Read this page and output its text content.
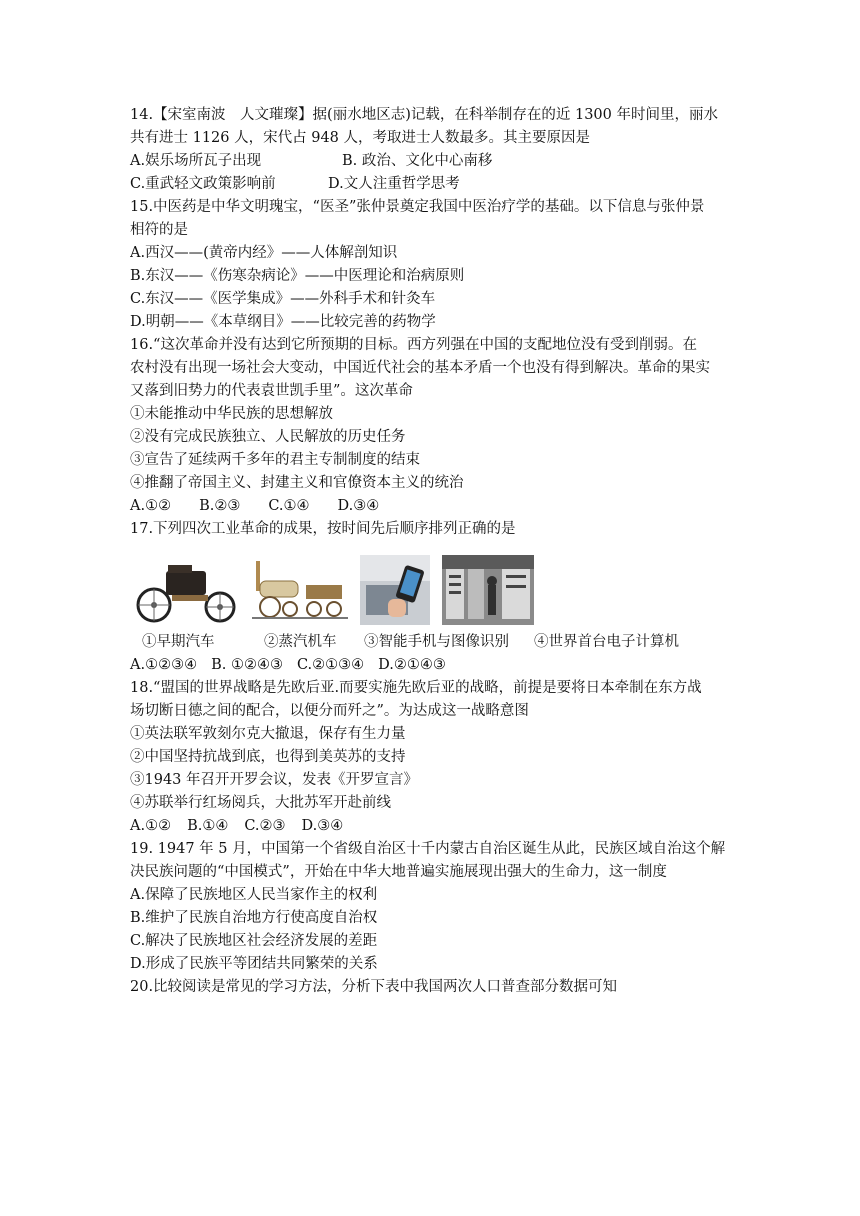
14.【宋室南波　人文璀璨】据(丽水地区志)记载，在科举制存在的近 1300 年时间里，丽水
共有进士 1126 人，宋代占 948 人，考取进士人数最多。其主要原因是
A.娱乐场所瓦子出现	B. 政治、文化中心南移
C.重武轻文政策影响前	D.文人注重哲学思考
15.中医药是中华文明瑰宝，“医圣”张仲景奠定我国中医治疗学的基础。以下信息与张仲景
相符的是
A.西汉——(黄帝内经》——人体解剖知识
B.东汉——《伤寒杂病论》——中医理论和治病原则
C.东汉——《医学集成》——外科手术和针灸车
D.明朝——《本草纲目》——比较完善的药物学
16.“这次革命并没有达到它所预期的目标。西方列强在中国的支配地位没有受到削弱。在
农村没有出现一场社会大变动，中国近代社会的基本矛盾一个也没有得到解决。革命的果实
又落到旧势力的代表袁世凯手里”。这次革命
①未能推动中华民族的思想解放
②没有完成民族独立、人民解放的历史任务
③宣告了延续两千多年的君主专制制度的结束
④推翻了帝国主义、封建主义和官僚资本主义的统治
A.①② B.②③ C.①④ D.③④
17.下列四次工业革命的成果，按时间先后顺序排列正确的是
①早期汽车	②蒸汽机车	③智能手机与图像识别 ④世界首台电子计算机
A.①②③④ B. ①②④③ C.②①③④ D.②①④③
18.“盟国的世界战略是先欧后亚.而要实施先欧后亚的战略，前提是要将日本牵制在东方战
场切断日德之间的配合，以便分而歼之”。为达成这一战略意图
①英法联军敦刻尔克大撤退，保存有生力量
②中国坚持抗战到底，也得到美英苏的支持
③1943 年召开开罗会议，发表《开罗宣言》
④苏联举行红场阅兵，大批苏军开赴前线
A.①② B.①④ C.②③ D.③④
19. 1947 年 5 月，中国第一个省级自治区十千内蒙古自治区诞生从此，民族区域自治这个解
决民族问题的“中国模式”，开始在中华大地普遍实施展现出强大的生命力，这一制度
A.保障了民族地区人民当家作主的权利
B.维护了民族自治地方行使高度自治权
C.解决了民族地区社会经济发展的差距
D.形成了民族平等团结共同繁荣的关系
20.比较阅读是常见的学习方法，分析下表中我国两次人口普查部分数据可知
